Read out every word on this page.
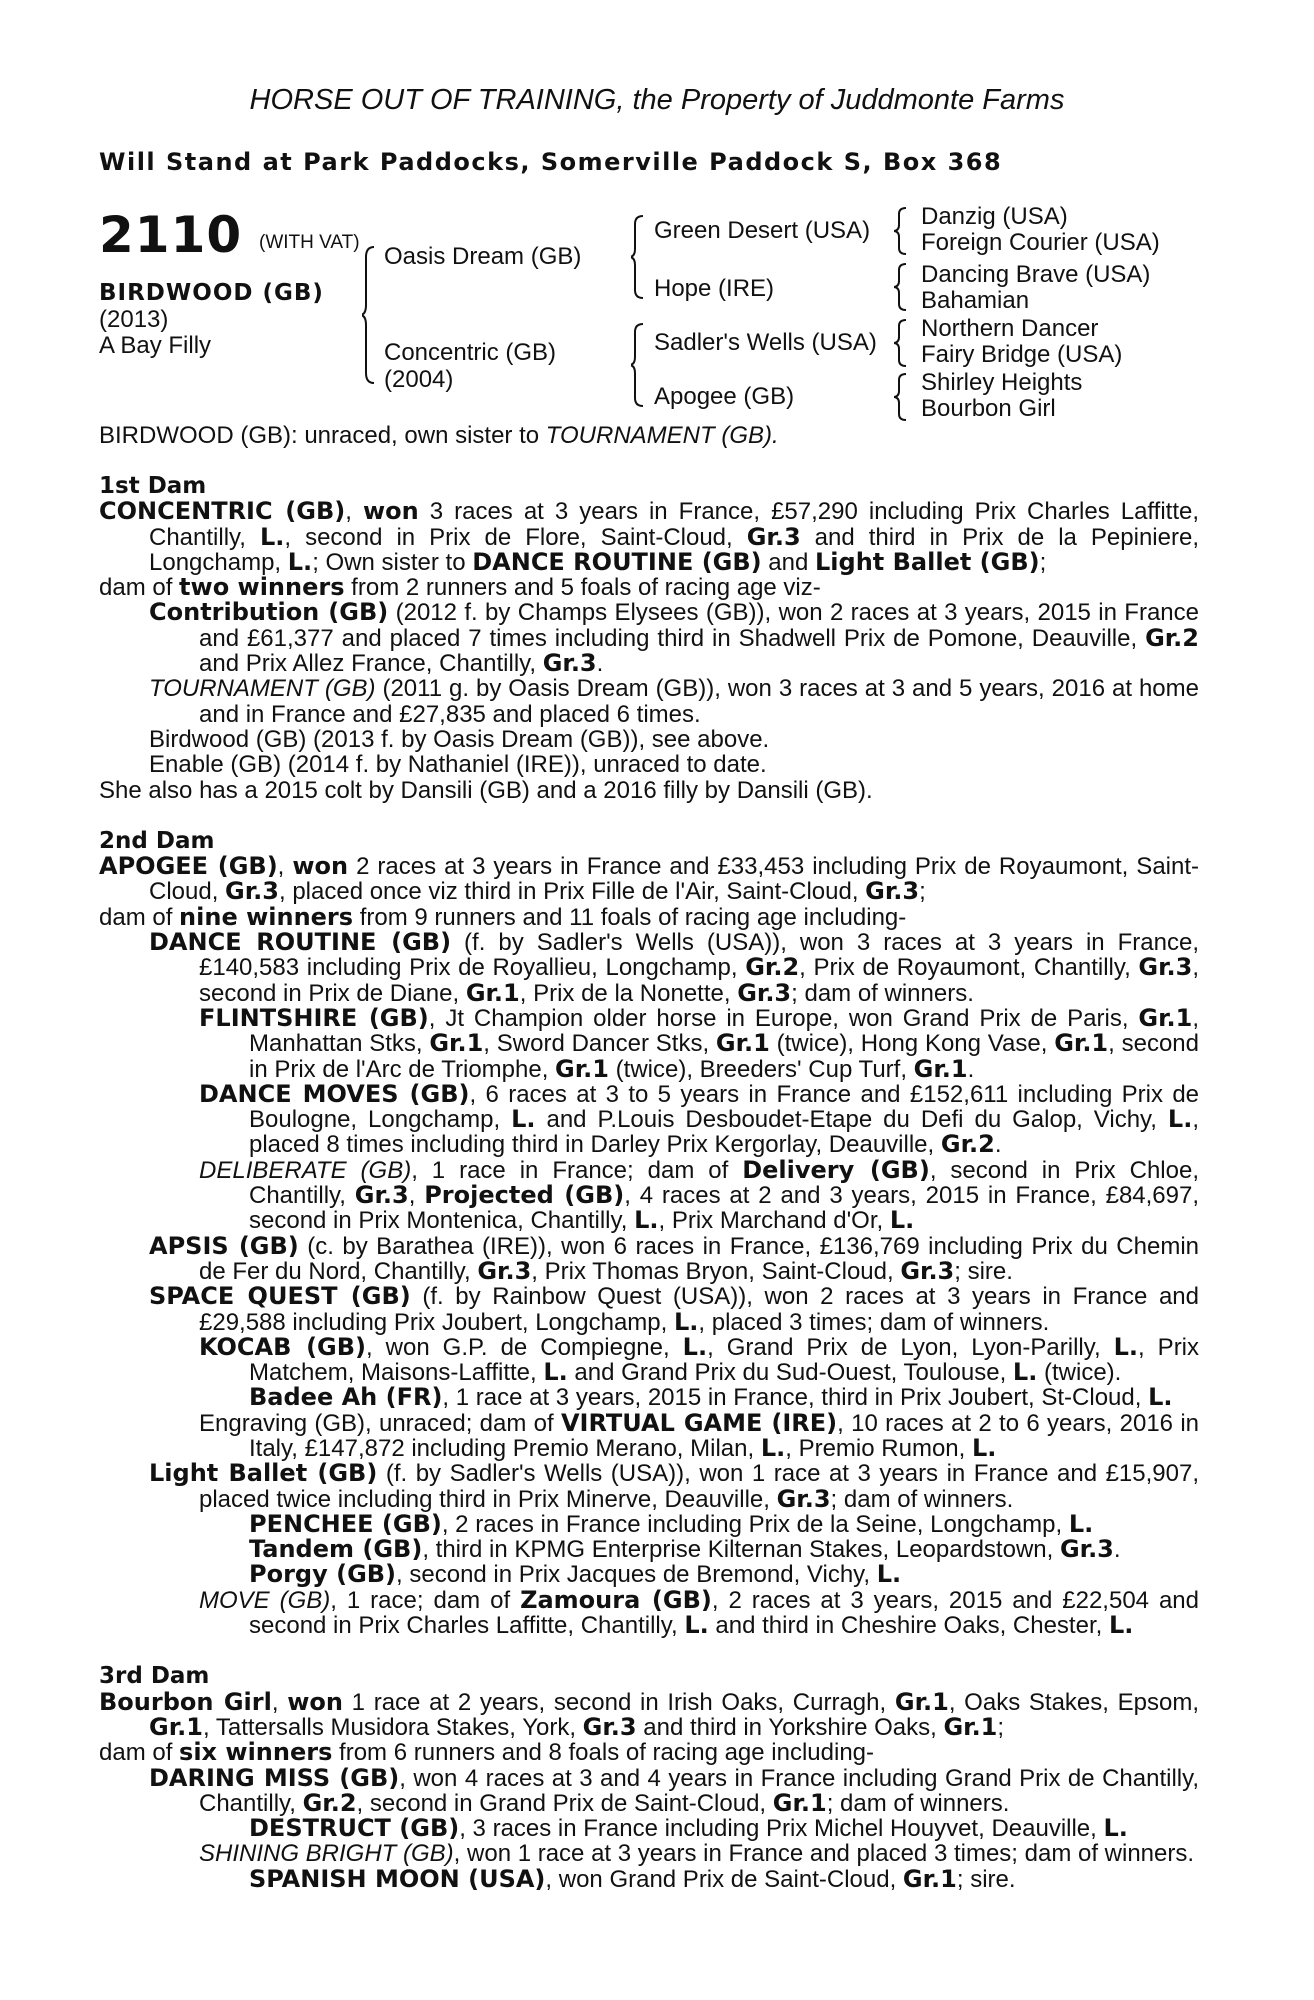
HORSE OUT OF TRAINING, the Property of Juddmonte Farms
Will Stand at Park Paddocks, Somerville Paddock S, Box 368
2110 (WITH VAT)
BIRDWOOD (GB)
(2013)
A Bay Filly
Oasis Dream (GB)
Concentric (GB)
(2004)
Green Desert (USA)
Hope (IRE)
Sadler's Wells (USA)
Apogee (GB)
Danzig (USA)
Foreign Courier (USA)
Dancing Brave (USA)
Bahamian
Northern Dancer
Fairy Bridge (USA)
Shirley Heights
Bourbon Girl
BIRDWOOD (GB): unraced, own sister to TOURNAMENT (GB).

1st Dam

CONCENTRIC (GB), won 3 races at 3 years in France, £57,290 including Prix Charles Laffitte, Chantilly, L., second in Prix de Flore, Saint-Cloud, Gr.3 and third in Prix de la Pepiniere, Longchamp, L.; Own sister to DANCE ROUTINE (GB) and Light Ballet (GB);

dam of two winners from 2 runners and 5 foals of racing age viz-

Contribution (GB) (2012 f. by Champs Elysees (GB)), won 2 races at 3 years, 2015 in France and £61,377 and placed 7 times including third in Shadwell Prix de Pomone, Deauville, Gr.2 and Prix Allez France, Chantilly, Gr.3.

TOURNAMENT (GB) (2011 g. by Oasis Dream (GB)), won 3 races at 3 and 5 years, 2016 at home and in France and £27,835 and placed 6 times.

Birdwood (GB) (2013 f. by Oasis Dream (GB)), see above.

Enable (GB) (2014 f. by Nathaniel (IRE)), unraced to date.

She also has a 2015 colt by Dansili (GB) and a 2016 filly by Dansili (GB).

2nd Dam

APOGEE (GB), won 2 races at 3 years in France and £33,453 including Prix de Royaumont, Saint-Cloud, Gr.3, placed once viz third in Prix Fille de l'Air, Saint-Cloud, Gr.3;

dam of nine winners from 9 runners and 11 foals of racing age including-

DANCE ROUTINE (GB) (f. by Sadler's Wells (USA)), won 3 races at 3 years in France, £140,583 including Prix de Royallieu, Longchamp, Gr.2, Prix de Royaumont, Chantilly, Gr.3, second in Prix de Diane, Gr.1, Prix de la Nonette, Gr.3; dam of winners.

FLINTSHIRE (GB), Jt Champion older horse in Europe, won Grand Prix de Paris, Gr.1, Manhattan Stks, Gr.1, Sword Dancer Stks, Gr.1 (twice), Hong Kong Vase, Gr.1, second in Prix de l'Arc de Triomphe, Gr.1 (twice), Breeders' Cup Turf, Gr.1.

DANCE MOVES (GB), 6 races at 3 to 5 years in France and £152,611 including Prix de Boulogne, Longchamp, L. and P.Louis Desboudet-Etape du Defi du Galop, Vichy, L., placed 8 times including third in Darley Prix Kergorlay, Deauville, Gr.2.

DELIBERATE (GB), 1 race in France; dam of Delivery (GB), second in Prix Chloe, Chantilly, Gr.3, Projected (GB), 4 races at 2 and 3 years, 2015 in France, £84,697, second in Prix Montenica, Chantilly, L., Prix Marchand d'Or, L.

APSIS (GB) (c. by Barathea (IRE)), won 6 races in France, £136,769 including Prix du Chemin de Fer du Nord, Chantilly, Gr.3, Prix Thomas Bryon, Saint-Cloud, Gr.3; sire.

SPACE QUEST (GB) (f. by Rainbow Quest (USA)), won 2 races at 3 years in France and £29,588 including Prix Joubert, Longchamp, L., placed 3 times; dam of winners.

KOCAB (GB), won G.P. de Compiegne, L., Grand Prix de Lyon, Lyon-Parilly, L., Prix Matchem, Maisons-Laffitte, L. and Grand Prix du Sud-Ouest, Toulouse, L. (twice).

Badee Ah (FR), 1 race at 3 years, 2015 in France, third in Prix Joubert, St-Cloud, L.

Engraving (GB), unraced; dam of VIRTUAL GAME (IRE), 10 races at 2 to 6 years, 2016 in Italy, £147,872 including Premio Merano, Milan, L., Premio Rumon, L.

Light Ballet (GB) (f. by Sadler's Wells (USA)), won 1 race at 3 years in France and £15,907, placed twice including third in Prix Minerve, Deauville, Gr.3; dam of winners.

PENCHEE (GB), 2 races in France including Prix de la Seine, Longchamp, L.

Tandem (GB), third in KPMG Enterprise Kilternan Stakes, Leopardstown, Gr.3.

Porgy (GB), second in Prix Jacques de Bremond, Vichy, L.

MOVE (GB), 1 race; dam of Zamoura (GB), 2 races at 3 years, 2015 and £22,504 and second in Prix Charles Laffitte, Chantilly, L. and third in Cheshire Oaks, Chester, L.

3rd Dam

Bourbon Girl, won 1 race at 2 years, second in Irish Oaks, Curragh, Gr.1, Oaks Stakes, Epsom, Gr.1, Tattersalls Musidora Stakes, York, Gr.3 and third in Yorkshire Oaks, Gr.1;

dam of six winners from 6 runners and 8 foals of racing age including-

DARING MISS (GB), won 4 races at 3 and 4 years in France including Grand Prix de Chantilly, Chantilly, Gr.2, second in Grand Prix de Saint-Cloud, Gr.1; dam of winners.

DESTRUCT (GB), 3 races in France including Prix Michel Houyvet, Deauville, L.

SHINING BRIGHT (GB), won 1 race at 3 years in France and placed 3 times; dam of winners.

SPANISH MOON (USA), won Grand Prix de Saint-Cloud, Gr.1; sire.
